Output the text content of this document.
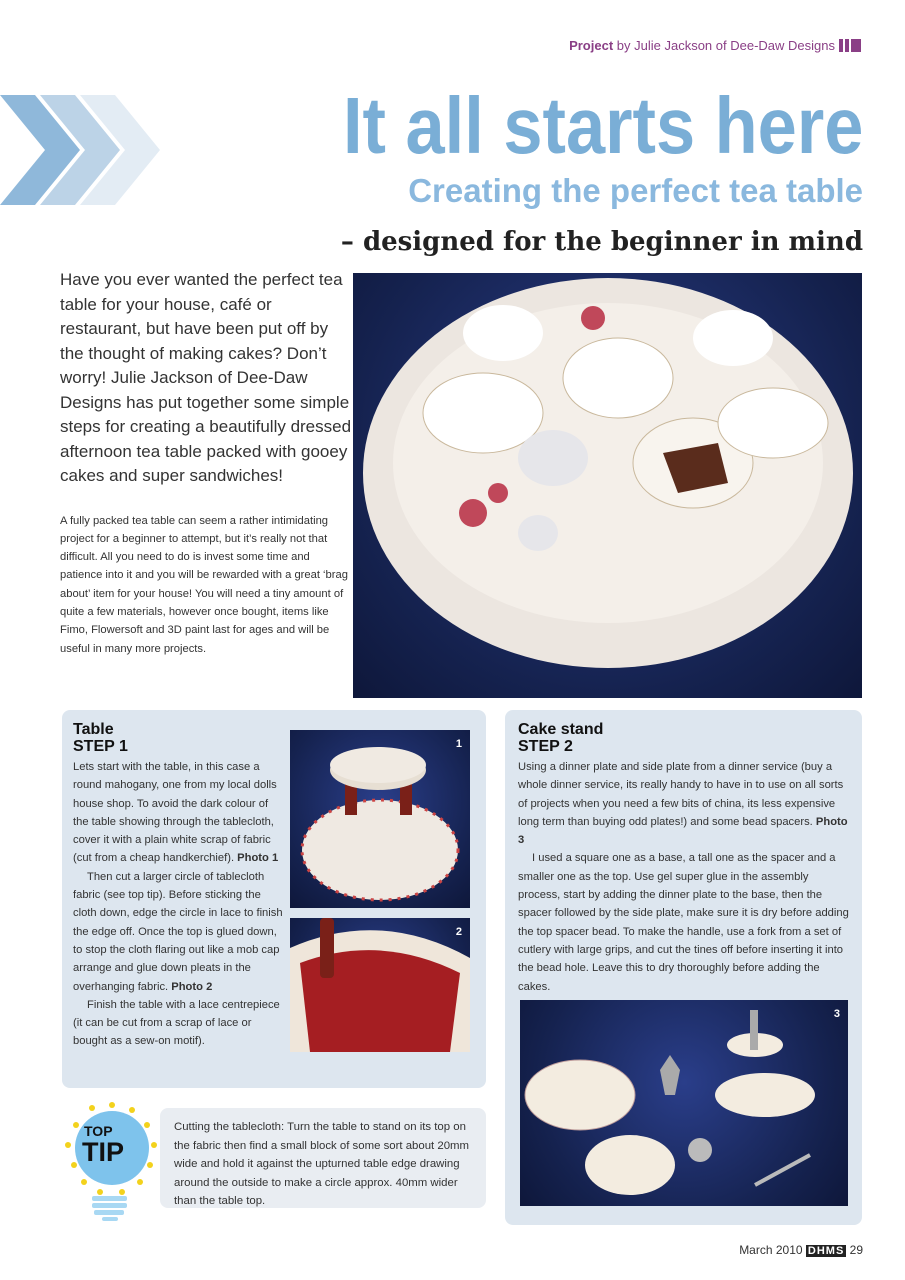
Project by Julie Jackson of Dee-Daw Designs
It all starts here
Creating the perfect tea table
– designed for the beginner in mind
Have you ever wanted the perfect tea table for your house, café or restaurant, but have been put off by the thought of making cakes? Don’t worry! Julie Jackson of Dee-Daw Designs has put together some simple steps for creating a beautifully dressed afternoon tea table packed with gooey cakes and super sandwiches!
A fully packed tea table can seem a rather intimidating project for a beginner to attempt, but it’s really not that difficult. All you need to do is invest some time and patience into it and you will be rewarded with a great ‘brag about’ item for your house! You will need a tiny amount of quite a few materials, however once bought, items like Fimo, Flowersoft and 3D paint last for ages and will be useful in many more projects.
Table
STEP 1

Lets start with the table, in this case a round mahogany, one from my local dolls house shop. To avoid the dark colour of the table showing through the tablecloth, cover it with a plain white scrap of fabric (cut from a cheap handkerchief). Photo 1

Then cut a larger circle of tablecloth fabric (see top tip). Before sticking the cloth down, edge the circle in lace to finish the edge off. Once the top is glued down, to stop the cloth flaring out like a mob cap arrange and glue down pleats in the overhanging fabric. Photo 2

Finish the table with a lace centrepiece (it can be cut from a scrap of lace or bought as a sew-on motif).

1
2
Cake stand
STEP 2

Using a dinner plate and side plate from a dinner service (buy a whole dinner service, its really handy to have in to use on all sorts of projects when you need a few bits of china, its less expensive long term than buying odd plates!) and some bead spacers. Photo 3

I used a square one as a base, a tall one as the spacer and a smaller one as the top. Use gel super glue in the assembly process, start by adding the dinner plate to the base, then the spacer followed by the side plate, make sure it is dry before adding the top spacer bead. To make the handle, use a fork from a set of cutlery with large grips, and cut the tines off before inserting it into the bead hole. Leave this to dry thoroughly before adding the cakes.

3
TOP
TIP
Cutting the tablecloth: Turn the table to stand on its top on the fabric then find a small block of some sort about 20mm wide and hold it against the upturned table edge drawing around the outside to make a circle approx. 40mm wider than the table top.
March 2010 DHMS 29
